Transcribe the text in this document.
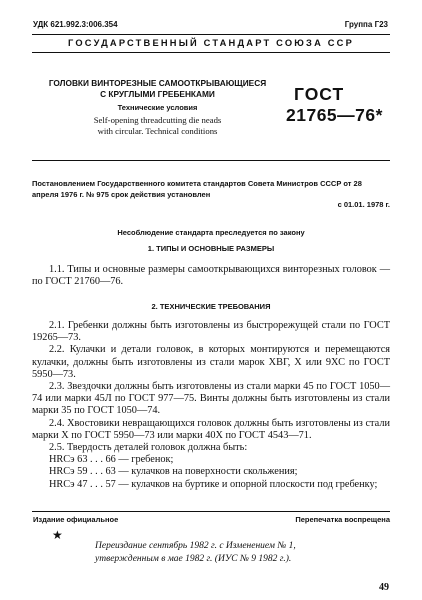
УДК 621.992.3:006.354	Группа Г23
ГОСУДАРСТВЕННЫЙ СТАНДАРТ СОЮЗА ССР
ГОЛОВКИ ВИНТОРЕЗНЫЕ САМООТКРЫВАЮЩИЕСЯ
С КРУГЛЫМИ ГРЕБЕНКАМИ
Технические условия
Self-opening threadcutting die neads
with circular. Technical conditions
ГОСТ
21765—76*
Постановлением Государственного комитета стандартов Совета Министров СССР от 28 апреля 1976 г. № 975 срок действия установлен
с 01.01. 1978 г.
Несоблюдение стандарта преследуется по закону
1. ТИПЫ И ОСНОВНЫЕ РАЗМЕРЫ

1.1. Типы и основные размеры самооткрывающихся винторезных головок — по ГОСТ 21760—76.

2. ТЕХНИЧЕСКИЕ ТРЕБОВАНИЯ

2.1. Гребенки должны быть изготовлены из быстрорежущей стали по ГОСТ 19265—73.

2.2. Кулачки и детали головок, в которых монтируются и перемещаются кулачки, должны быть изготовлены из стали марок ХВГ, Х или 9ХС по ГОСТ 5950—73.

2.3. Звездочки должны быть изготовлены из стали марки 45 по ГОСТ 1050—74 или марки 45Л по ГОСТ 977—75. Винты должны быть изготовлены из стали марки 35 по ГОСТ 1050—74.

2.4. Хвостовики невращающихся головок должны быть изготовлены из стали марки Х по ГОСТ 5950—73 или марки 40Х по ГОСТ 4543—71.

2.5. Твердость деталей головок должна быть:

HRCэ 63 . . . 66 — гребенок;

HRCэ 59 . . . 63 — кулачков на поверхности скольжения;

HRCэ 47 . . . 57 — кулачков на буртике и опорной плоскости под гребенку;

Издание официальное	Перепечатка воспрещена
★
Переиздание сентябрь 1982 г. с Изменением № 1,
утвержденным в мае 1982 г. (ИУС № 9 1982 г.).
49
